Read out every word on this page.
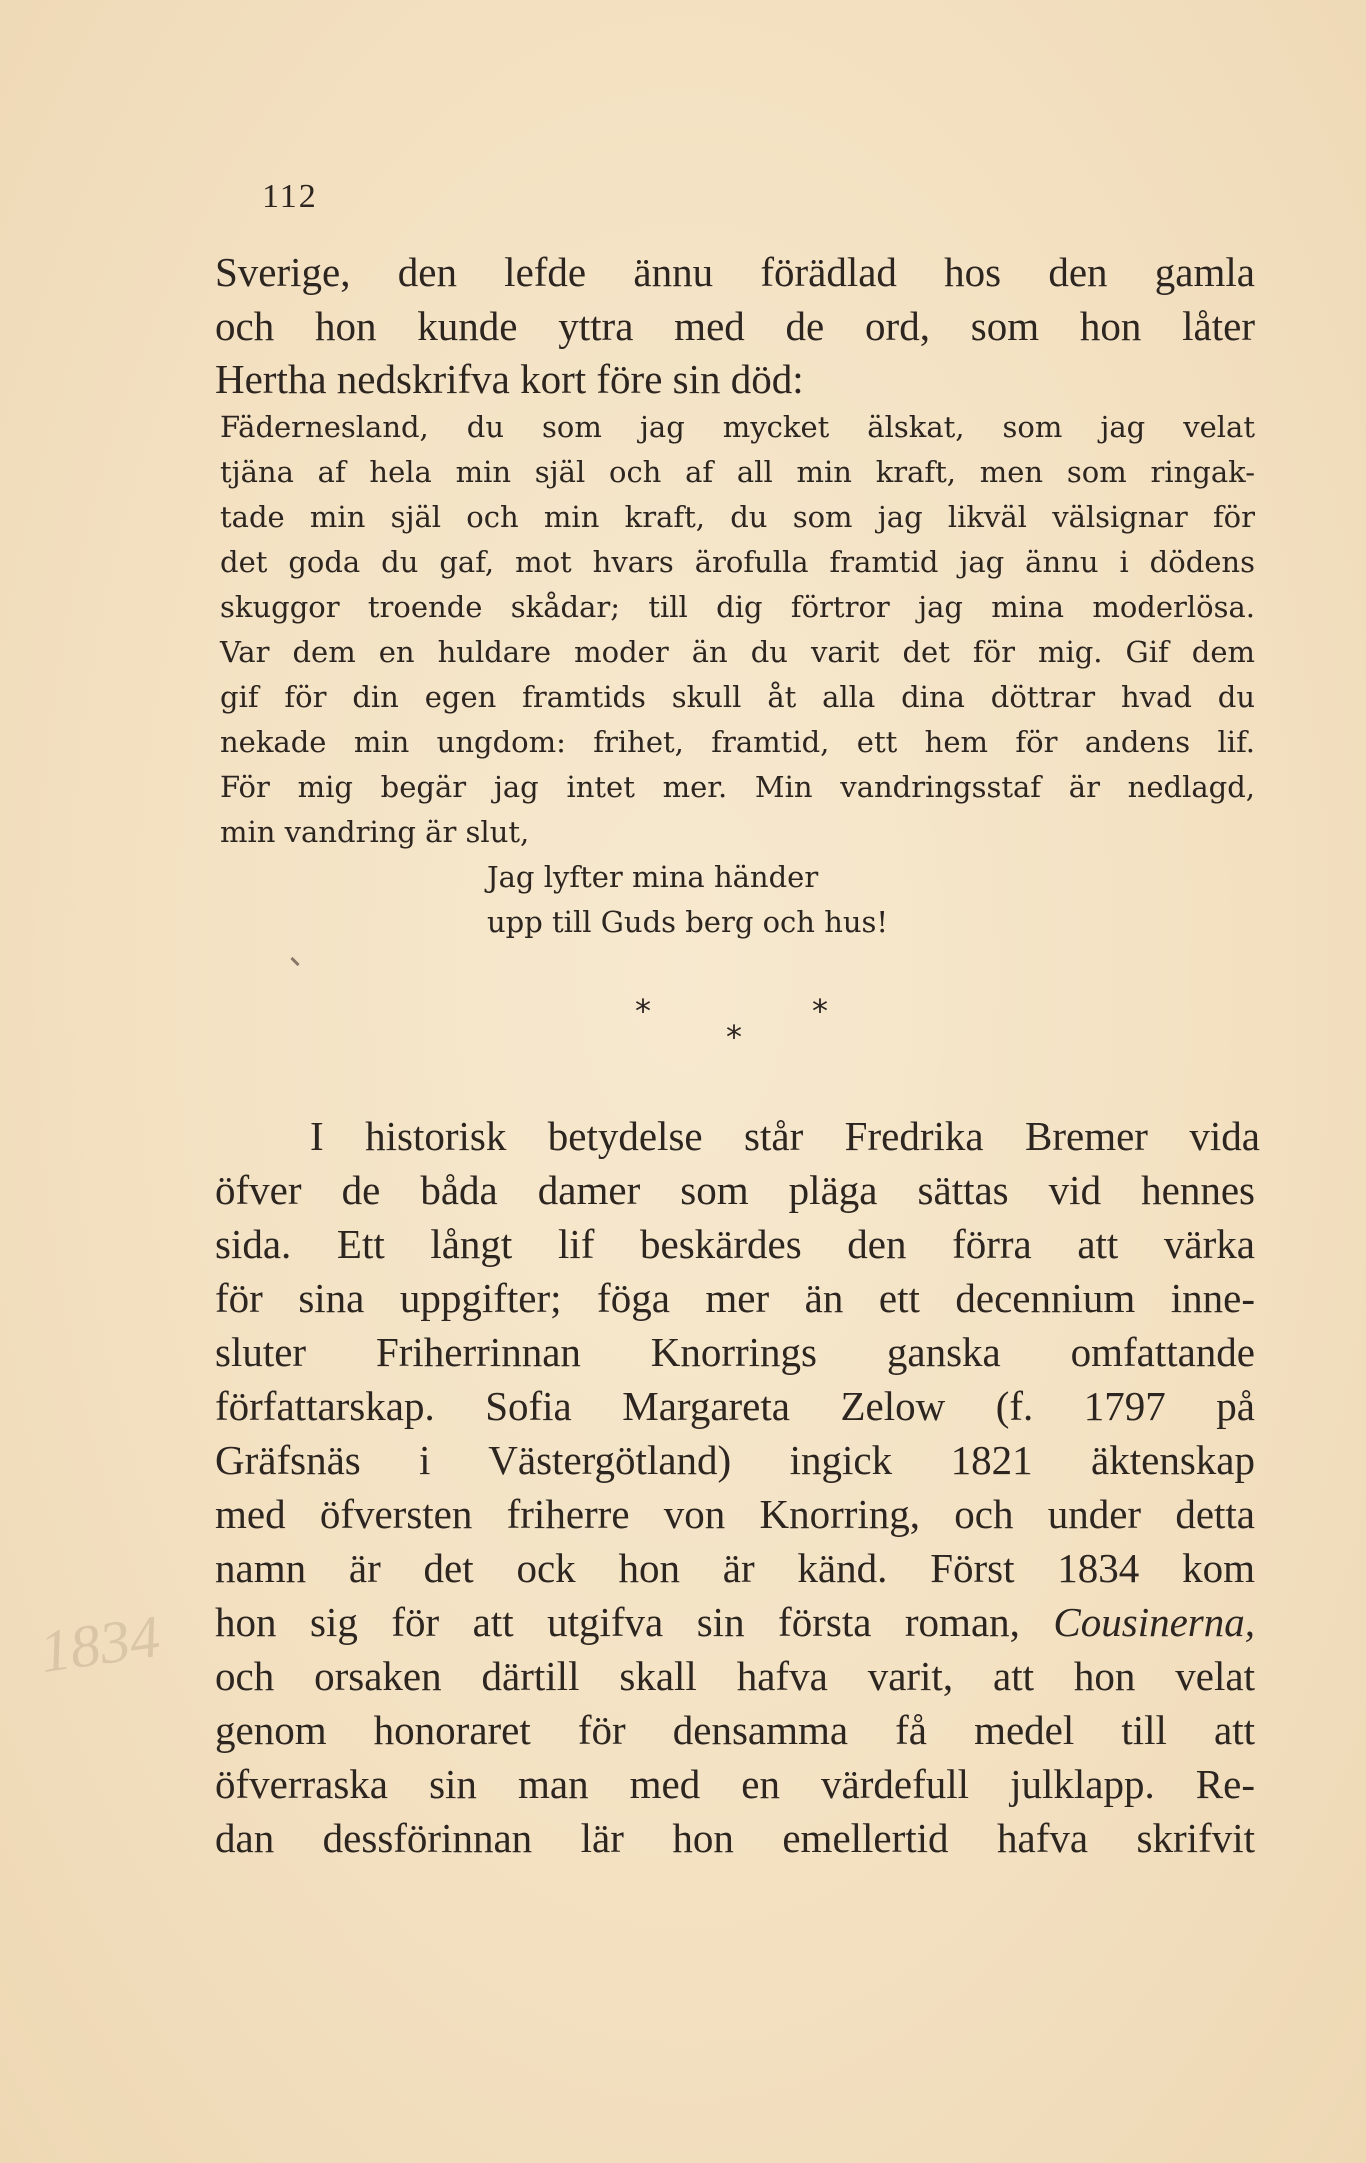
112
Sverige, den lefde ännu förädlad hos den gamla
och hon kunde yttra med de ord, som hon låter
Hertha nedskrifva kort före sin död:
Fädernesland, du som jag mycket älskat, som jag velat
tjäna af hela min själ och af all min kraft, men som ringak-
tade min själ och min kraft, du som jag likväl välsignar för
det goda du gaf, mot hvars ärofulla framtid jag ännu i dödens
skuggor troende skådar; till dig förtror jag mina moderlösa.
Var dem en huldare moder än du varit det för mig. Gif dem
gif för din egen framtids skull åt alla dina döttrar hvad du
nekade min ungdom: frihet, framtid, ett hem för andens lif.
För mig begär jag intet mer. Min vandringsstaf är nedlagd,
min vandring är slut,
Jag lyfter mina händer
upp till Guds berg och hus!
*	*
*
I historisk betydelse står Fredrika Bremer vida
öfver de båda damer som pläga sättas vid hennes
sida. Ett långt lif beskärdes den förra att värka
för sina uppgifter; föga mer än ett decennium inne-
sluter Friherrinnan Knorrings ganska omfattande
författarskap. Sofia Margareta Zelow (f. 1797 på
Gräfsnäs i Västergötland) ingick 1821 äktenskap
med öfversten friherre von Knorring, och under detta
namn är det ock hon är känd. Först 1834 kom
hon sig för att utgifva sin första roman, Cousinerna,
och orsaken därtill skall hafva varit, att hon velat
genom honoraret för densamma få medel till att
öfverraska sin man med en värdefull julklapp. Re-
dan dessförinnan lär hon emellertid hafva skrifvit
1834
